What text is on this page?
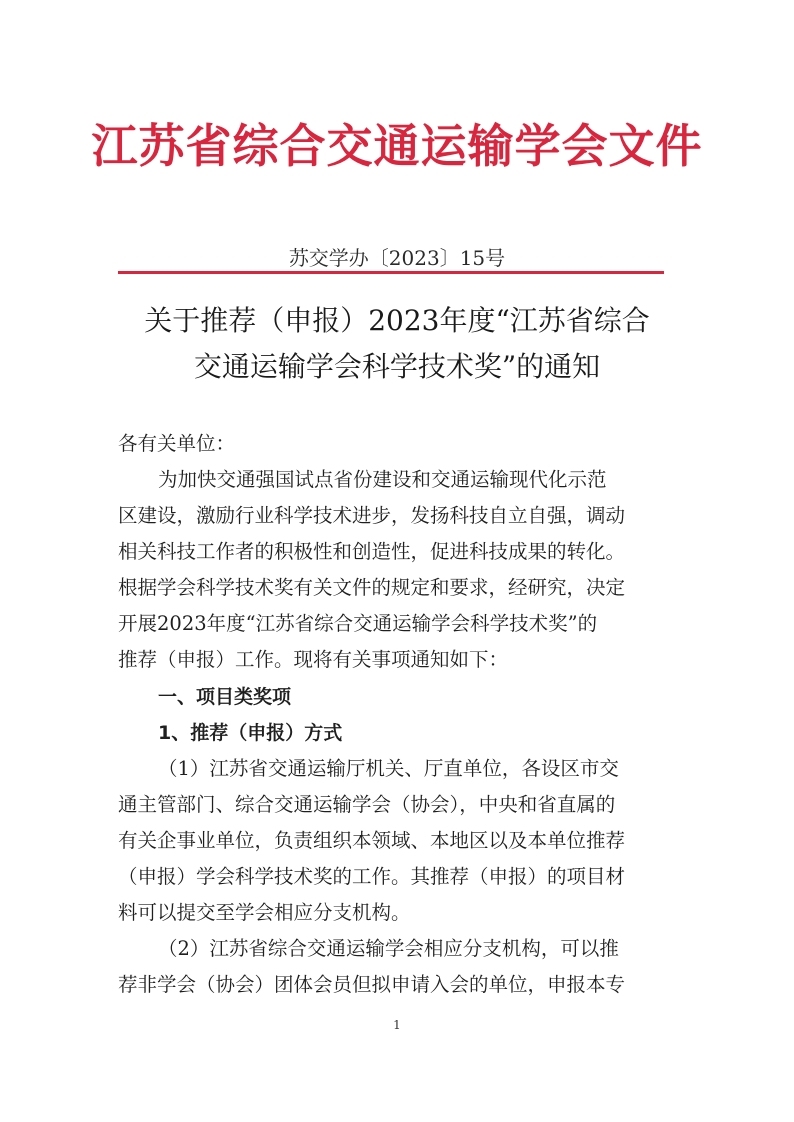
江苏省综合交通运输学会文件
苏交学办〔2023〕15号
关于推荐（申报）2023年度“江苏省综合
交通运输学会科学技术奖”的通知
各有关单位：
为加快交通强国试点省份建设和交通运输现代化示范
区建设，激励行业科学技术进步，发扬科技自立自强，调动
相关科技工作者的积极性和创造性，促进科技成果的转化。
根据学会科学技术奖有关文件的规定和要求，经研究，决定
开展2023年度“江苏省综合交通运输学会科学技术奖”的
推荐（申报）工作。现将有关事项通知如下：
一、项目类奖项
1、推荐（申报）方式
（1）江苏省交通运输厅机关、厅直单位，各设区市交
通主管部门、综合交通运输学会（协会），中央和省直属的
有关企事业单位，负责组织本领域、本地区以及本单位推荐
（申报）学会科学技术奖的工作。其推荐（申报）的项目材
料可以提交至学会相应分支机构。
（2）江苏省综合交通运输学会相应分支机构，可以推
荐非学会（协会）团体会员但拟申请入会的单位，申报本专
1
